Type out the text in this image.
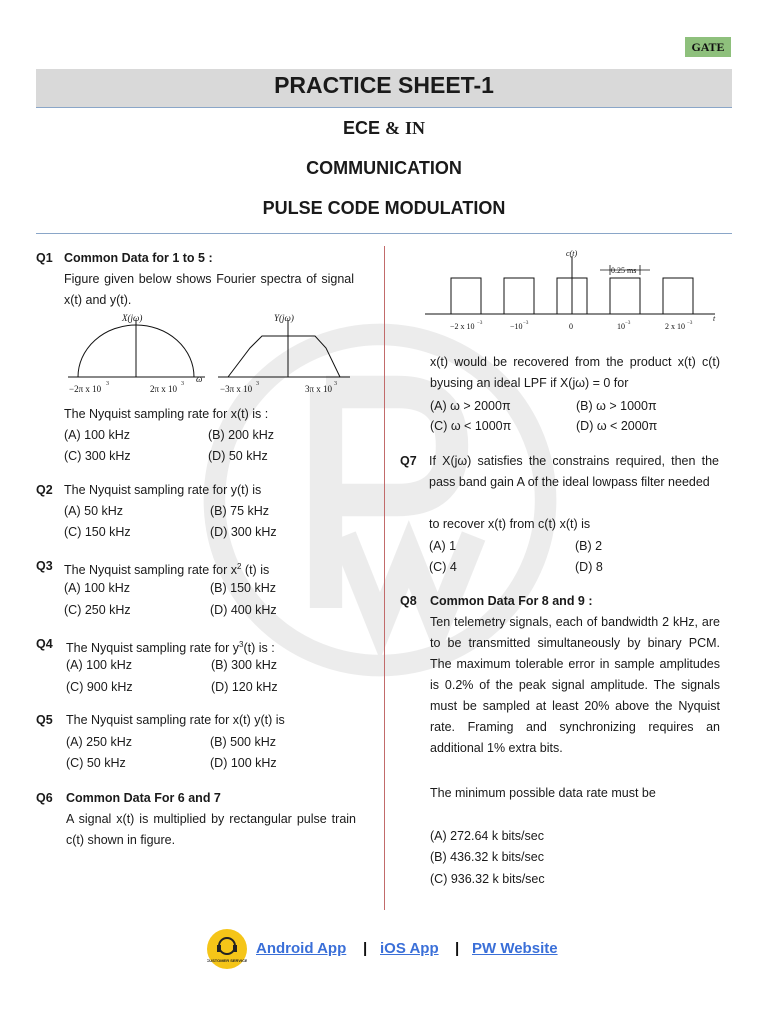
GATE
PRACTICE SHEET-1
ECE & IN
COMMUNICATION
PULSE CODE MODULATION
Q1 Common Data for 1 to 5 :
Figure given below shows Fourier spectra of signal x(t) and y(t).
X(jω)
−2π x 10 3	2π x 10 3 ω
Y(jω)
−3π x 10 3	3π x 10 3
The Nyquist sampling rate for x(t) is :
(A) 100 kHz	(B) 200 kHz
(C) 300 kHz	(D) 50 kHz
Q2 The Nyquist sampling rate for y(t) is
(A) 50 kHz	(B) 75 kHz
(C) 150 kHz	(D) 300 kHz
Q3 The Nyquist sampling rate for $x^2$ (t) is
(A) 100 kHz	(B) 150 kHz
(C) 250 kHz	(D) 400 kHz
Q4 The Nyquist sampling rate for $y^3(t)$ is :
(A) 100 kHz	(B) 300 kHz
(C) 900 kHz	(D) 120 kHz
Q5 The Nyquist sampling rate for x(t) y(t) is
(A) 250 kHz	(B) 500 kHz
(C) 50 kHz	(D) 100 kHz
Q6 Common Data For 6 and 7
A signal x(t) is multiplied by rectangular pulse train c(t) shown in figure.
c(t)
0.25 ms
t
−2 x 10 −3	−10 −3	0	10 −3	2 x 10 −3
x(t) would be recovered from the product x(t) c(t) byusing an ideal LPF if X(jω) = 0 for
(A) ω > 2000π	(B) ω > 1000π
(C) ω < 1000π	(D) ω < 2000π
Q7 If X(jω) satisfies the constrains required, then the pass band gain A of the ideal lowpass filter needed
to recover x(t) from c(t) x(t) is
(A) 1	(B) 2
(C) 4	(D) 8
Q8 Common Data For 8 and 9 :
Ten telemetry signals, each of bandwidth 2 kHz, are to be transmitted simultaneously by binary PCM. The maximum tolerable error in sample amplitudes is 0.2% of the peak signal amplitude. The signals must be sampled at least 20% above the Nyquist rate. Framing and synchronizing requires an additional 1% extra bits.
The minimum possible data rate must be
(A) 272.64 k bits/sec
(B) 436.32 k bits/sec
(C) 936.32 k bits/sec
CUSTOMER SERVICE
Android App | iOS App | PW Website
